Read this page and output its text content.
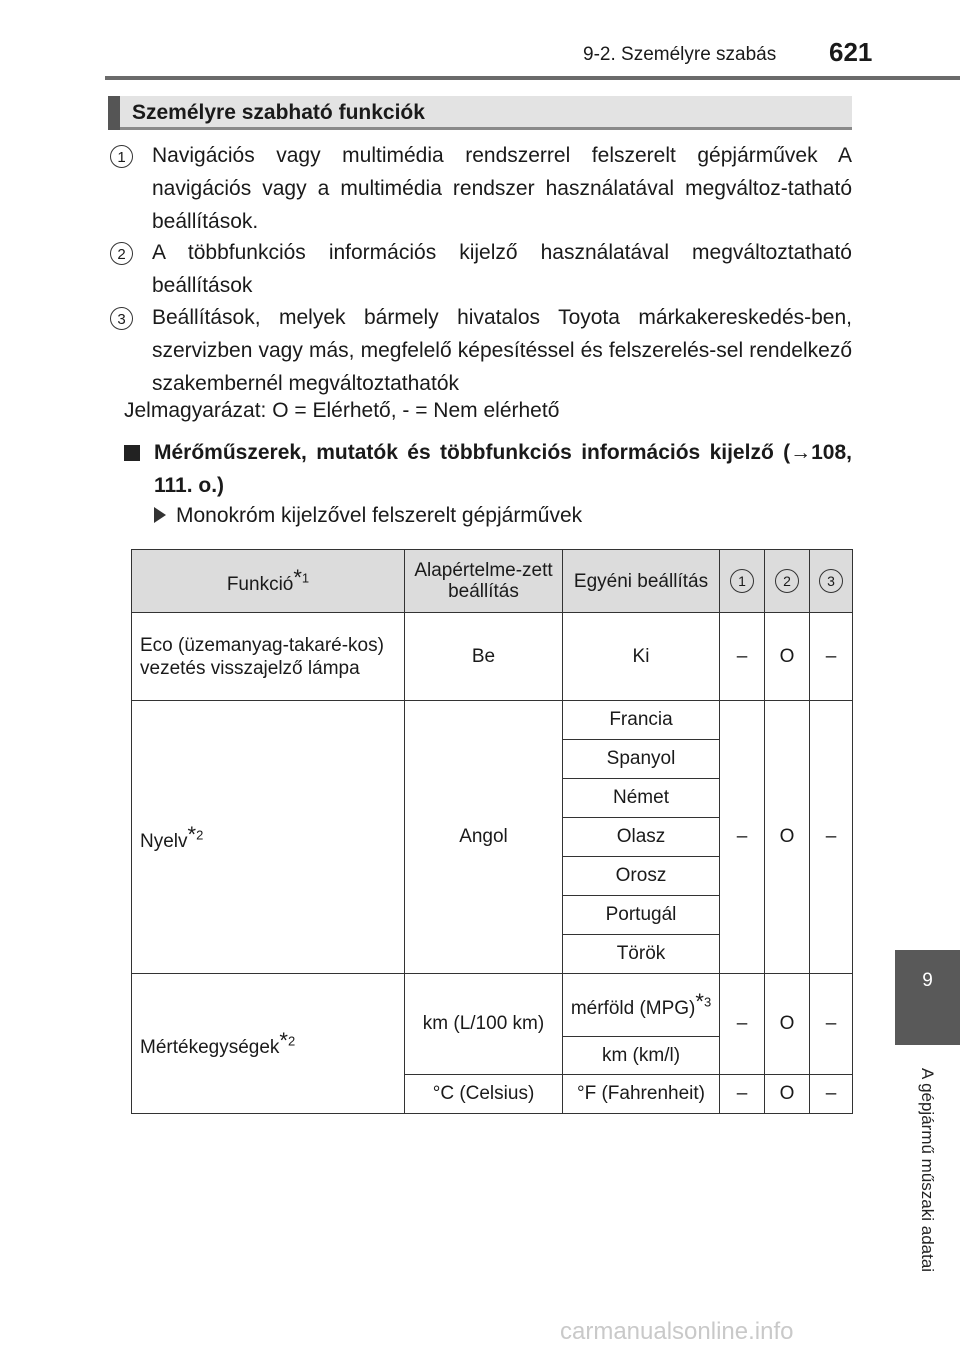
9-2. Személyre szabás 621
Személyre szabható funkciók
1	Navigációs vagy multimédia rendszerrel felszerelt gépjárművek A navigációs vagy a multimédia rendszer használatával megváltoz-tatható beállítások.
2	A többfunkciós információs kijelző használatával megváltoztatható beállítások
3	Beállítások, melyek bármely hivatalos Toyota márkakereskedés-ben, szervizben vagy más, megfelelő képesítéssel és felszerelés-sel rendelkező szakembernél megváltoztathatók
Jelmagyarázat: O = Elérhető, - = Nem elérhető
Mérőműszerek, mutatók és többfunkciós információs kijelző (→108, 111. o.)
Monokróm kijelzővel felszerelt gépjárművek
Funkció*$^1$	Alapértelme-zett beállítás	Egyéni beállítás	1	2	3
Eco (üzemanyag-takaré-kos) vezetés visszajelző lámpa	Be	Ki	–	O	–
Nyelv*$^2$	Angol	Francia	–	O	–
		Spanyol			
		Német			
		Olasz			
		Orosz			
		Portugál			
		Török			
Mértékegységek*$^2$	km (L/100 km)	mérföld (MPG)*$^3$	–	O	–
		km (km/l)			
	°C (Celsius)	°F (Fahrenheit)	–	O	–
9
A gépjármű műszaki adatai
carmanualsonline.info
